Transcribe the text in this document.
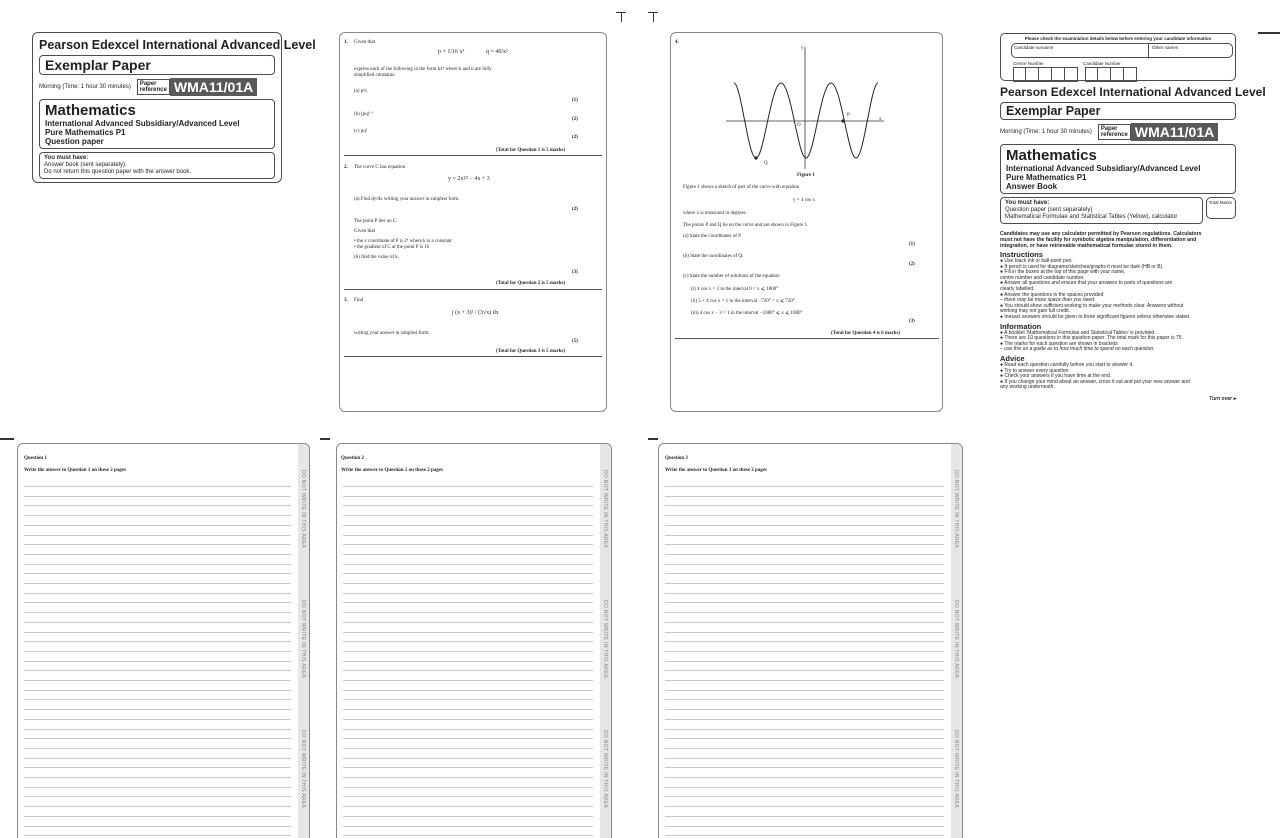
Pearson Edexcel International Advanced Level
Exemplar Paper
Morning (Time: 1 hour 30 minutes)	Paper
reference WMA11/01A
Mathematics
International Advanced Subsidiary/Advanced Level
Pure Mathematics P1
Question paper
You must have:
Answer book (sent separately).
Do not return this question paper with the answer book.
1. Given that
p = 1/16 x³	q = 40/x²
express each of the following in the form kxⁿ where k and n are fully
simplified constants.
(a) p⅓
(1)
(b) (pq)⁻¹
(2)
(c) pq²
(2)
(Total for Question 1 is 5 marks)
2. The curve C has equation
y = 2x³⁄² − 4x + 3
(a) Find dy/dx writing your answer in simplest form.
(2)
The point P lies on C.
Given that
• the x coordinate of P is 2ᵏ where k is a constant
• the gradient of C at the point P is 16
(b) find the value of k.
(3)
(Total for Question 2 is 5 marks)
3. Find
∫ (x + 3)² / (3√x) dx
writing your answer in simplest form.
(5)
(Total for Question 3 is 5 marks)
4.
y
x
O
P
Q
Figure 1
Figure 1 shows a sketch of part of the curve with equation
y = 4 cos x
where x is measured in degrees.
The points P and Q lie on the curve and are shown in Figure 1.
(a) State the coordinates of P.
(1)
(b) State the coordinates of Q.
(2)
(c) State the number of solutions of the equation
(i) 4 cos x = 3 in the interval 0 < x ⩽ 1800°
(ii) 5 + 4 cos x = 1 in the interval −720° < x ⩽ 720°
(iii) 4 cos x − 3 = 1 in the interval −1080° ⩽ x ⩽ 1080°
(3)
(Total for Question 4 is 6 marks)
Please check the examination details below before entering your candidate information
Candidate surname	Other names
Centre Number	Candidate Number
Pearson Edexcel International Advanced Level
Exemplar Paper
Morning (Time: 1 hour 30 minutes)	Paper
reference WMA11/01A
Mathematics
International Advanced Subsidiary/Advanced Level
Pure Mathematics P1
Answer Book
You must have:
Question paper (sent separately)
Mathematical Formulae and Statistical Tables (Yellow), calculator
Total Marks
Candidates may use any calculator permitted by Pearson regulations. Calculators
must not have the facility for symbolic algebra manipulation, differentiation and
integration, or have retrievable mathematical formulae stored in them.
Instructions
● Use black ink or ball-point pen.
● If pencil is used for diagrams/sketches/graphs it must be dark (HB or B).
● Fill in the boxes at the top of this page with your name,
centre number and candidate number.
● Answer all questions and ensure that your answers to parts of questions are
clearly labelled.
● Answer the questions in the spaces provided
– there may be more space than you need.
● You should show sufficient working to make your methods clear. Answers without
working may not gain full credit.
● Inexact answers should be given to three significant figures unless otherwise stated.
Information
● A booklet ‘Mathematical Formulae and Statistical Tables’ is provided.
● There are 10 questions in this question paper. The total mark for this paper is 75.
● The marks for each question are shown in brackets
– use this as a guide as to how much time to spend on each question.
Advice
● Read each question carefully before you start to answer it.
● Try to answer every question.
● Check your answers if you have time at the end.
● If you change your mind about an answer, cross it out and put your new answer and
any working underneath.
Turn over ▸
Question 1
Write the answer to Question 1 on these 2 pages	DO NOT WRITE IN THIS AREA
DO NOT WRITE IN THIS AREA
DO NOT WRITE IN THIS AREA
Question 2
Write the answer to Question 2 on these 2 pages	DO NOT WRITE IN THIS AREA
DO NOT WRITE IN THIS AREA
DO NOT WRITE IN THIS AREA
Question 3
Write the answer to Question 3 on these 2 pages	DO NOT WRITE IN THIS AREA
DO NOT WRITE IN THIS AREA
DO NOT WRITE IN THIS AREA
